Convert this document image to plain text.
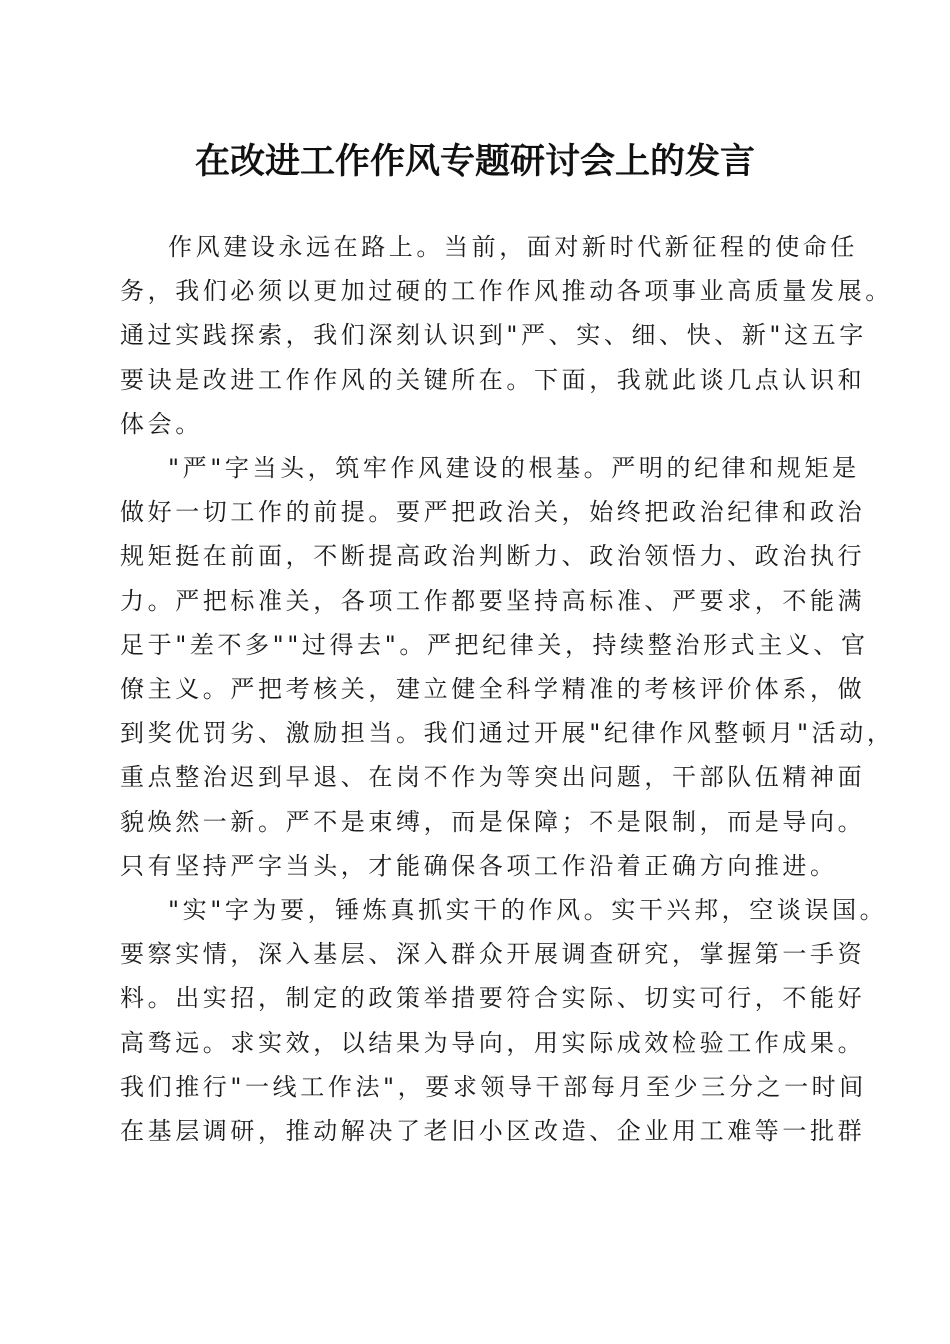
在改进工作作风专题研讨会上的发言
作风建设永远在路上。当前，面对新时代新征程的使命任
务，我们必须以更加过硬的工作作风推动各项事业高质量发展。
通过实践探索，我们深刻认识到"严、实、细、快、新"这五字
要诀是改进工作作风的关键所在。下面，我就此谈几点认识和
体会。
"严"字当头，筑牢作风建设的根基。严明的纪律和规矩是
做好一切工作的前提。要严把政治关，始终把政治纪律和政治
规矩挺在前面，不断提高政治判断力、政治领悟力、政治执行
力。严把标准关，各项工作都要坚持高标准、严要求，不能满
足于"差不多""过得去"。严把纪律关，持续整治形式主义、官
僚主义。严把考核关，建立健全科学精准的考核评价体系，做
到奖优罚劣、激励担当。我们通过开展"纪律作风整顿月"活动，
重点整治迟到早退、在岗不作为等突出问题，干部队伍精神面
貌焕然一新。严不是束缚，而是保障；不是限制，而是导向。
只有坚持严字当头，才能确保各项工作沿着正确方向推进。
"实"字为要，锤炼真抓实干的作风。实干兴邦，空谈误国。
要察实情，深入基层、深入群众开展调查研究，掌握第一手资
料。出实招，制定的政策举措要符合实际、切实可行，不能好
高骛远。求实效，以结果为导向，用实际成效检验工作成果。
我们推行"一线工作法"，要求领导干部每月至少三分之一时间
在基层调研，推动解决了老旧小区改造、企业用工难等一批群
